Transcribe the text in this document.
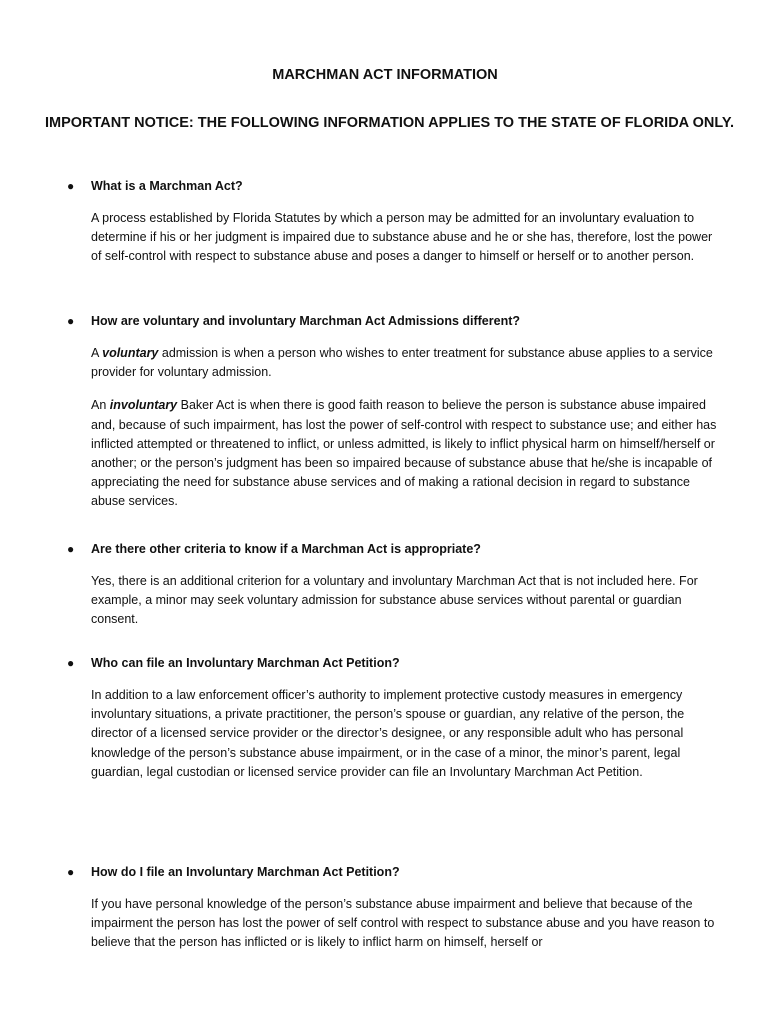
MARCHMAN ACT INFORMATION
IMPORTANT NOTICE: THE FOLLOWING INFORMATION APPLIES TO THE STATE OF FLORIDA ONLY.
● What is a Marchman Act?
A process established by Florida Statutes by which a person may be admitted for an involuntary evaluation to determine if his or her judgment is impaired due to substance abuse and he or she has, therefore, lost the power of self-control with respect to substance abuse and poses a danger to himself or herself or to another person.
● How are voluntary and involuntary Marchman Act Admissions different?
A voluntary admission is when a person who wishes to enter treatment for substance abuse applies to a service provider for voluntary admission.
An involuntary Baker Act is when there is good faith reason to believe the person is substance abuse impaired and, because of such impairment, has lost the power of self-control with respect to substance use; and either has inflicted attempted or threatened to inflict, or unless admitted, is likely to inflict physical harm on himself/herself or another; or the person’s judgment has been so impaired because of substance abuse that he/she is incapable of appreciating the need for substance abuse services and of making a rational decision in regard to substance abuse services.
● Are there other criteria to know if a Marchman Act is appropriate?
Yes, there is an additional criterion for a voluntary and involuntary Marchman Act that is not included here. For example, a minor may seek voluntary admission for substance abuse services without parental or guardian consent.
● Who can file an Involuntary Marchman Act Petition?
In addition to a law enforcement officer’s authority to implement protective custody measures in emergency involuntary situations, a private practitioner, the person’s spouse or guardian, any relative of the person, the director of a licensed service provider or the director’s designee, or any responsible adult who has personal knowledge of the person’s substance abuse impairment, or in the case of a minor, the minor’s parent, legal guardian, legal custodian or licensed service provider can file an Involuntary Marchman Act Petition.
● How do I file an Involuntary Marchman Act Petition?
If you have personal knowledge of the person’s substance abuse impairment and believe that because of the impairment the person has lost the power of self control with respect to substance abuse and you have reason to believe that the person has inflicted or is likely to inflict harm on himself, herself or
